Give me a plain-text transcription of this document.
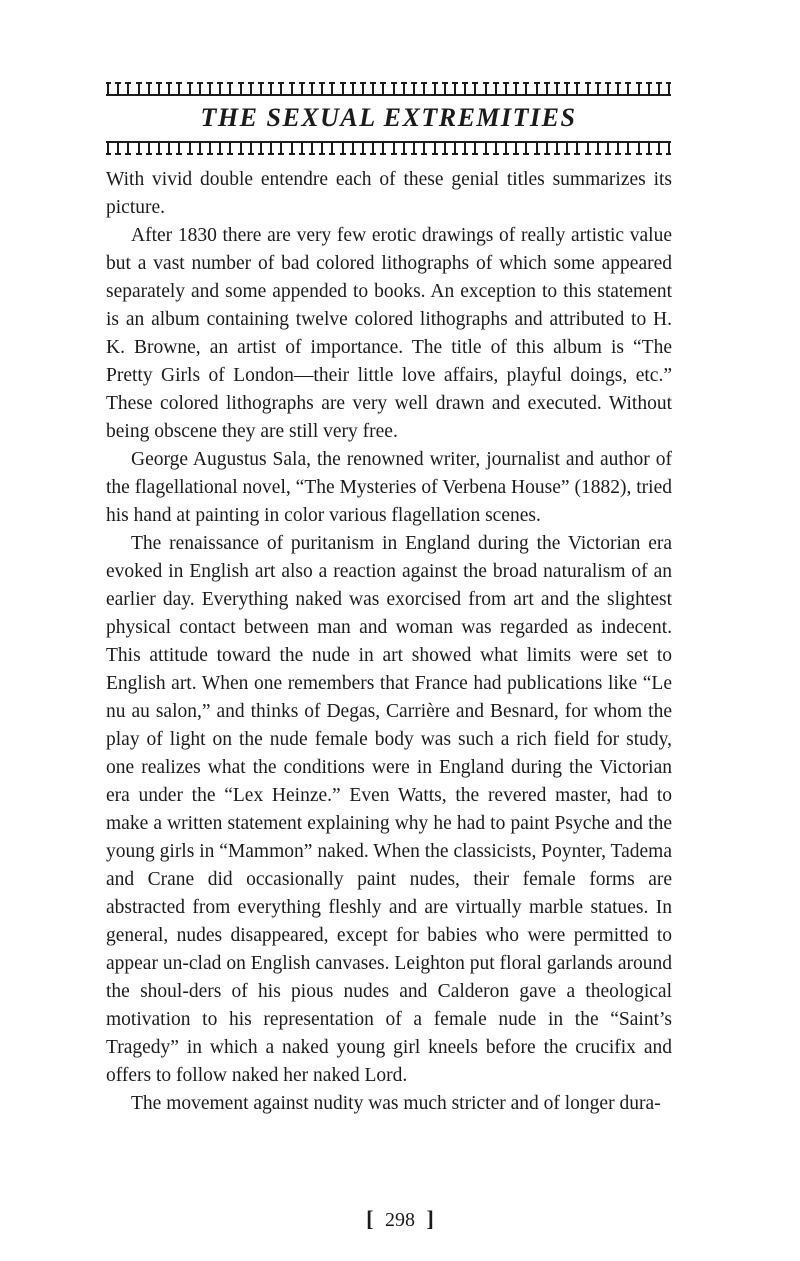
THE SEXUAL EXTREMITIES

With vivid double entendre each of these genial titles summarizes its picture.

After 1830 there are very few erotic drawings of really artistic value but a vast number of bad colored lithographs of which some appeared separately and some appended to books. An exception to this statement is an album containing twelve colored lithographs and attributed to H. K. Browne, an artist of importance. The title of this album is “The Pretty Girls of London—their little love affairs, playful doings, etc.” These colored lithographs are very well drawn and executed. Without being obscene they are still very free.

George Augustus Sala, the renowned writer, journalist and author of the flagellational novel, “The Mysteries of Verbena House” (1882), tried his hand at painting in color various flagellation scenes.

The renaissance of puritanism in England during the Victorian era evoked in English art also a reaction against the broad naturalism of an earlier day. Everything naked was exorcised from art and the slightest physical contact between man and woman was regarded as indecent. This attitude toward the nude in art showed what limits were set to English art. When one remembers that France had publications like “Le nu au salon,” and thinks of Degas, Carrière and Besnard, for whom the play of light on the nude female body was such a rich field for study, one realizes what the conditions were in England during the Victorian era under the “Lex Heinze.” Even Watts, the revered master, had to make a written statement explaining why he had to paint Psyche and the young girls in “Mammon” naked. When the classicists, Poynter, Tadema and Crane did occasionally paint nudes, their female forms are abstracted from everything fleshly and are virtually marble statues. In general, nudes disappeared, except for babies who were permitted to appear un-clad on English canvases. Leighton put floral garlands around the shoul-ders of his pious nudes and Calderon gave a theological motivation to his representation of a female nude in the “Saint’s Tragedy” in which a naked young girl kneels before the crucifix and offers to follow naked her naked Lord.

The movement against nudity was much stricter and of longer dura-

[ 298 ]
